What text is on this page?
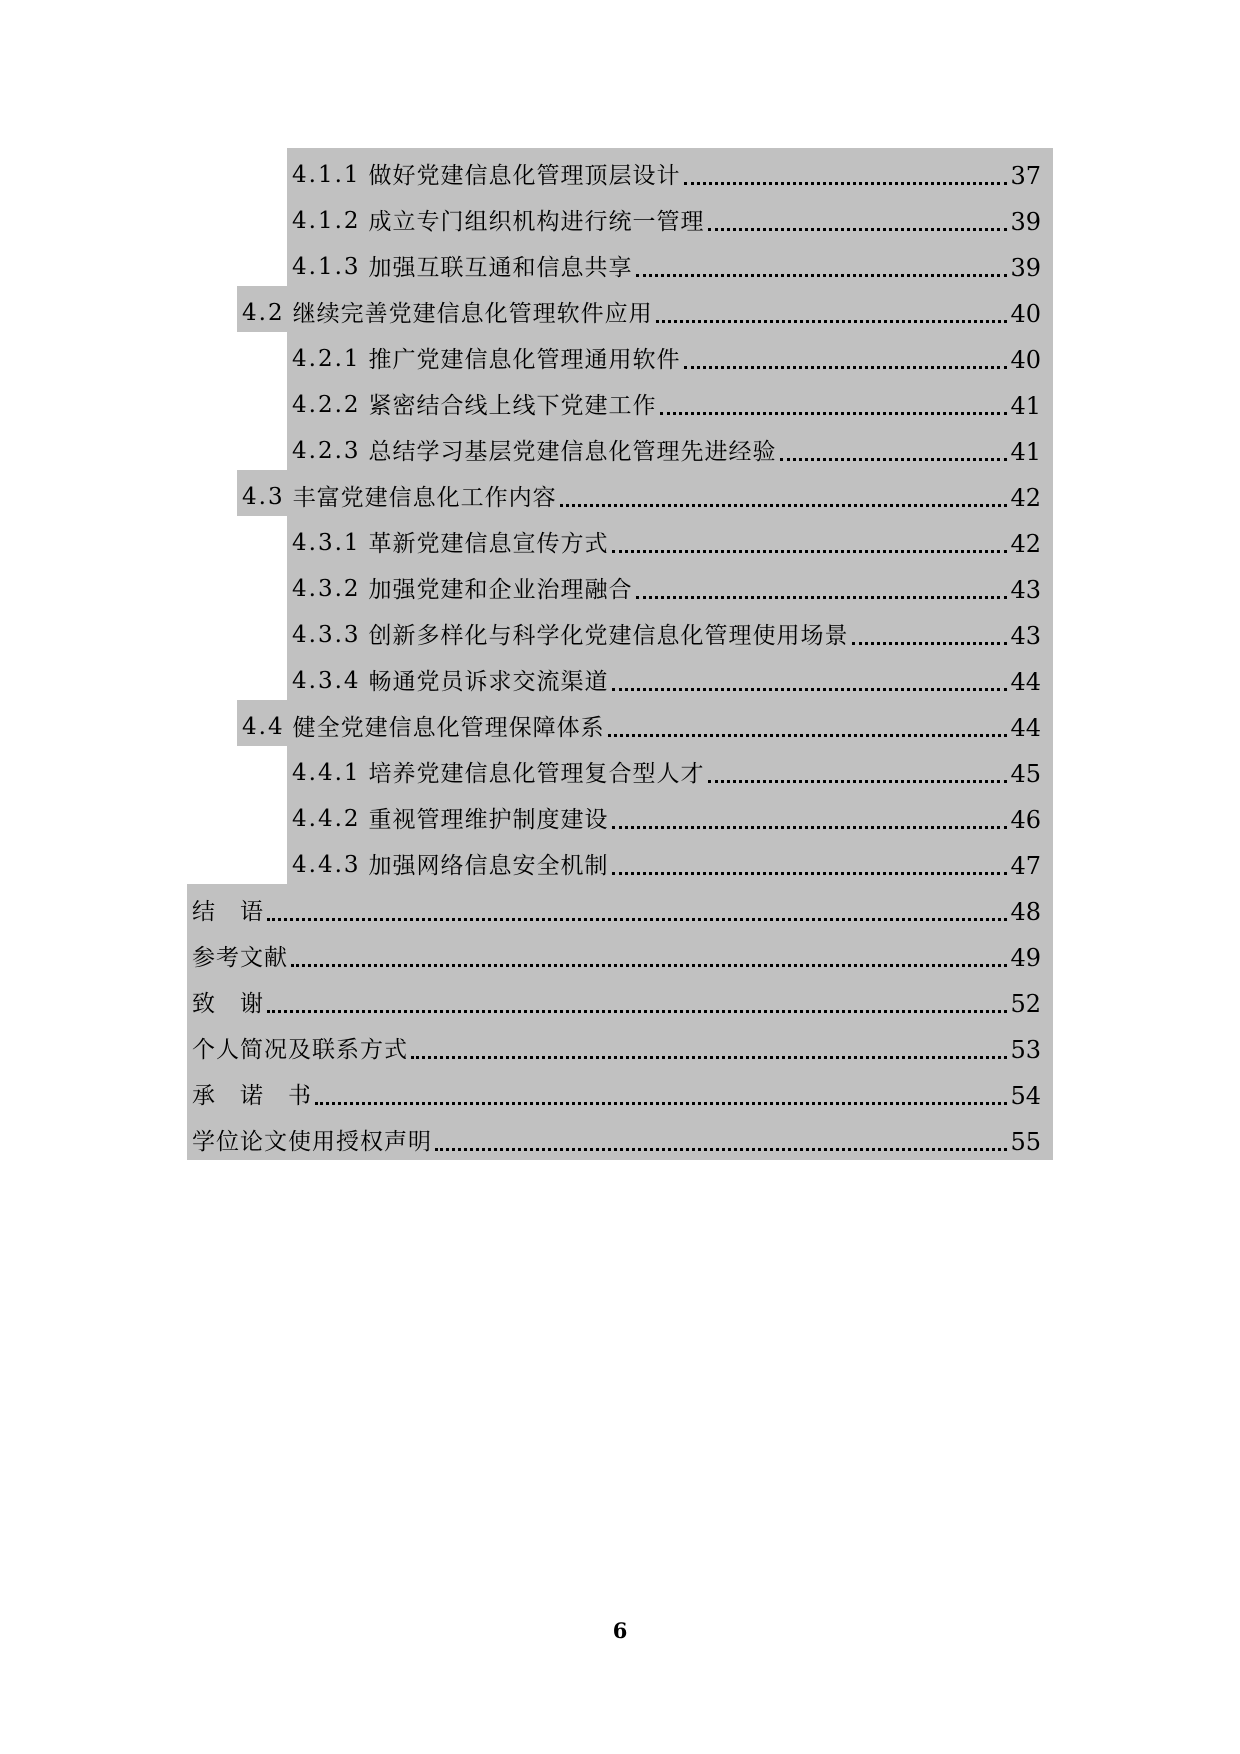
4.1.1 做好党建信息化管理顶层设计	37
4.1.2 成立专门组织机构进行统一管理	39
4.1.3 加强互联互通和信息共享	39
4.2 继续完善党建信息化管理软件应用	40
4.2.1 推广党建信息化管理通用软件	40
4.2.2 紧密结合线上线下党建工作	41
4.2.3 总结学习基层党建信息化管理先进经验	41
4.3 丰富党建信息化工作内容	42
4.3.1 革新党建信息宣传方式	42
4.3.2 加强党建和企业治理融合	43
4.3.3 创新多样化与科学化党建信息化管理使用场景	43
4.3.4 畅通党员诉求交流渠道	44
4.4 健全党建信息化管理保障体系	44
4.4.1 培养党建信息化管理复合型人才	45
4.4.2 重视管理维护制度建设	46
4.4.3 加强网络信息安全机制	47
结　语	48
参考文献	49
致　谢	52
个人简况及联系方式	53
承　诺　书	54
学位论文使用授权声明	55
6
